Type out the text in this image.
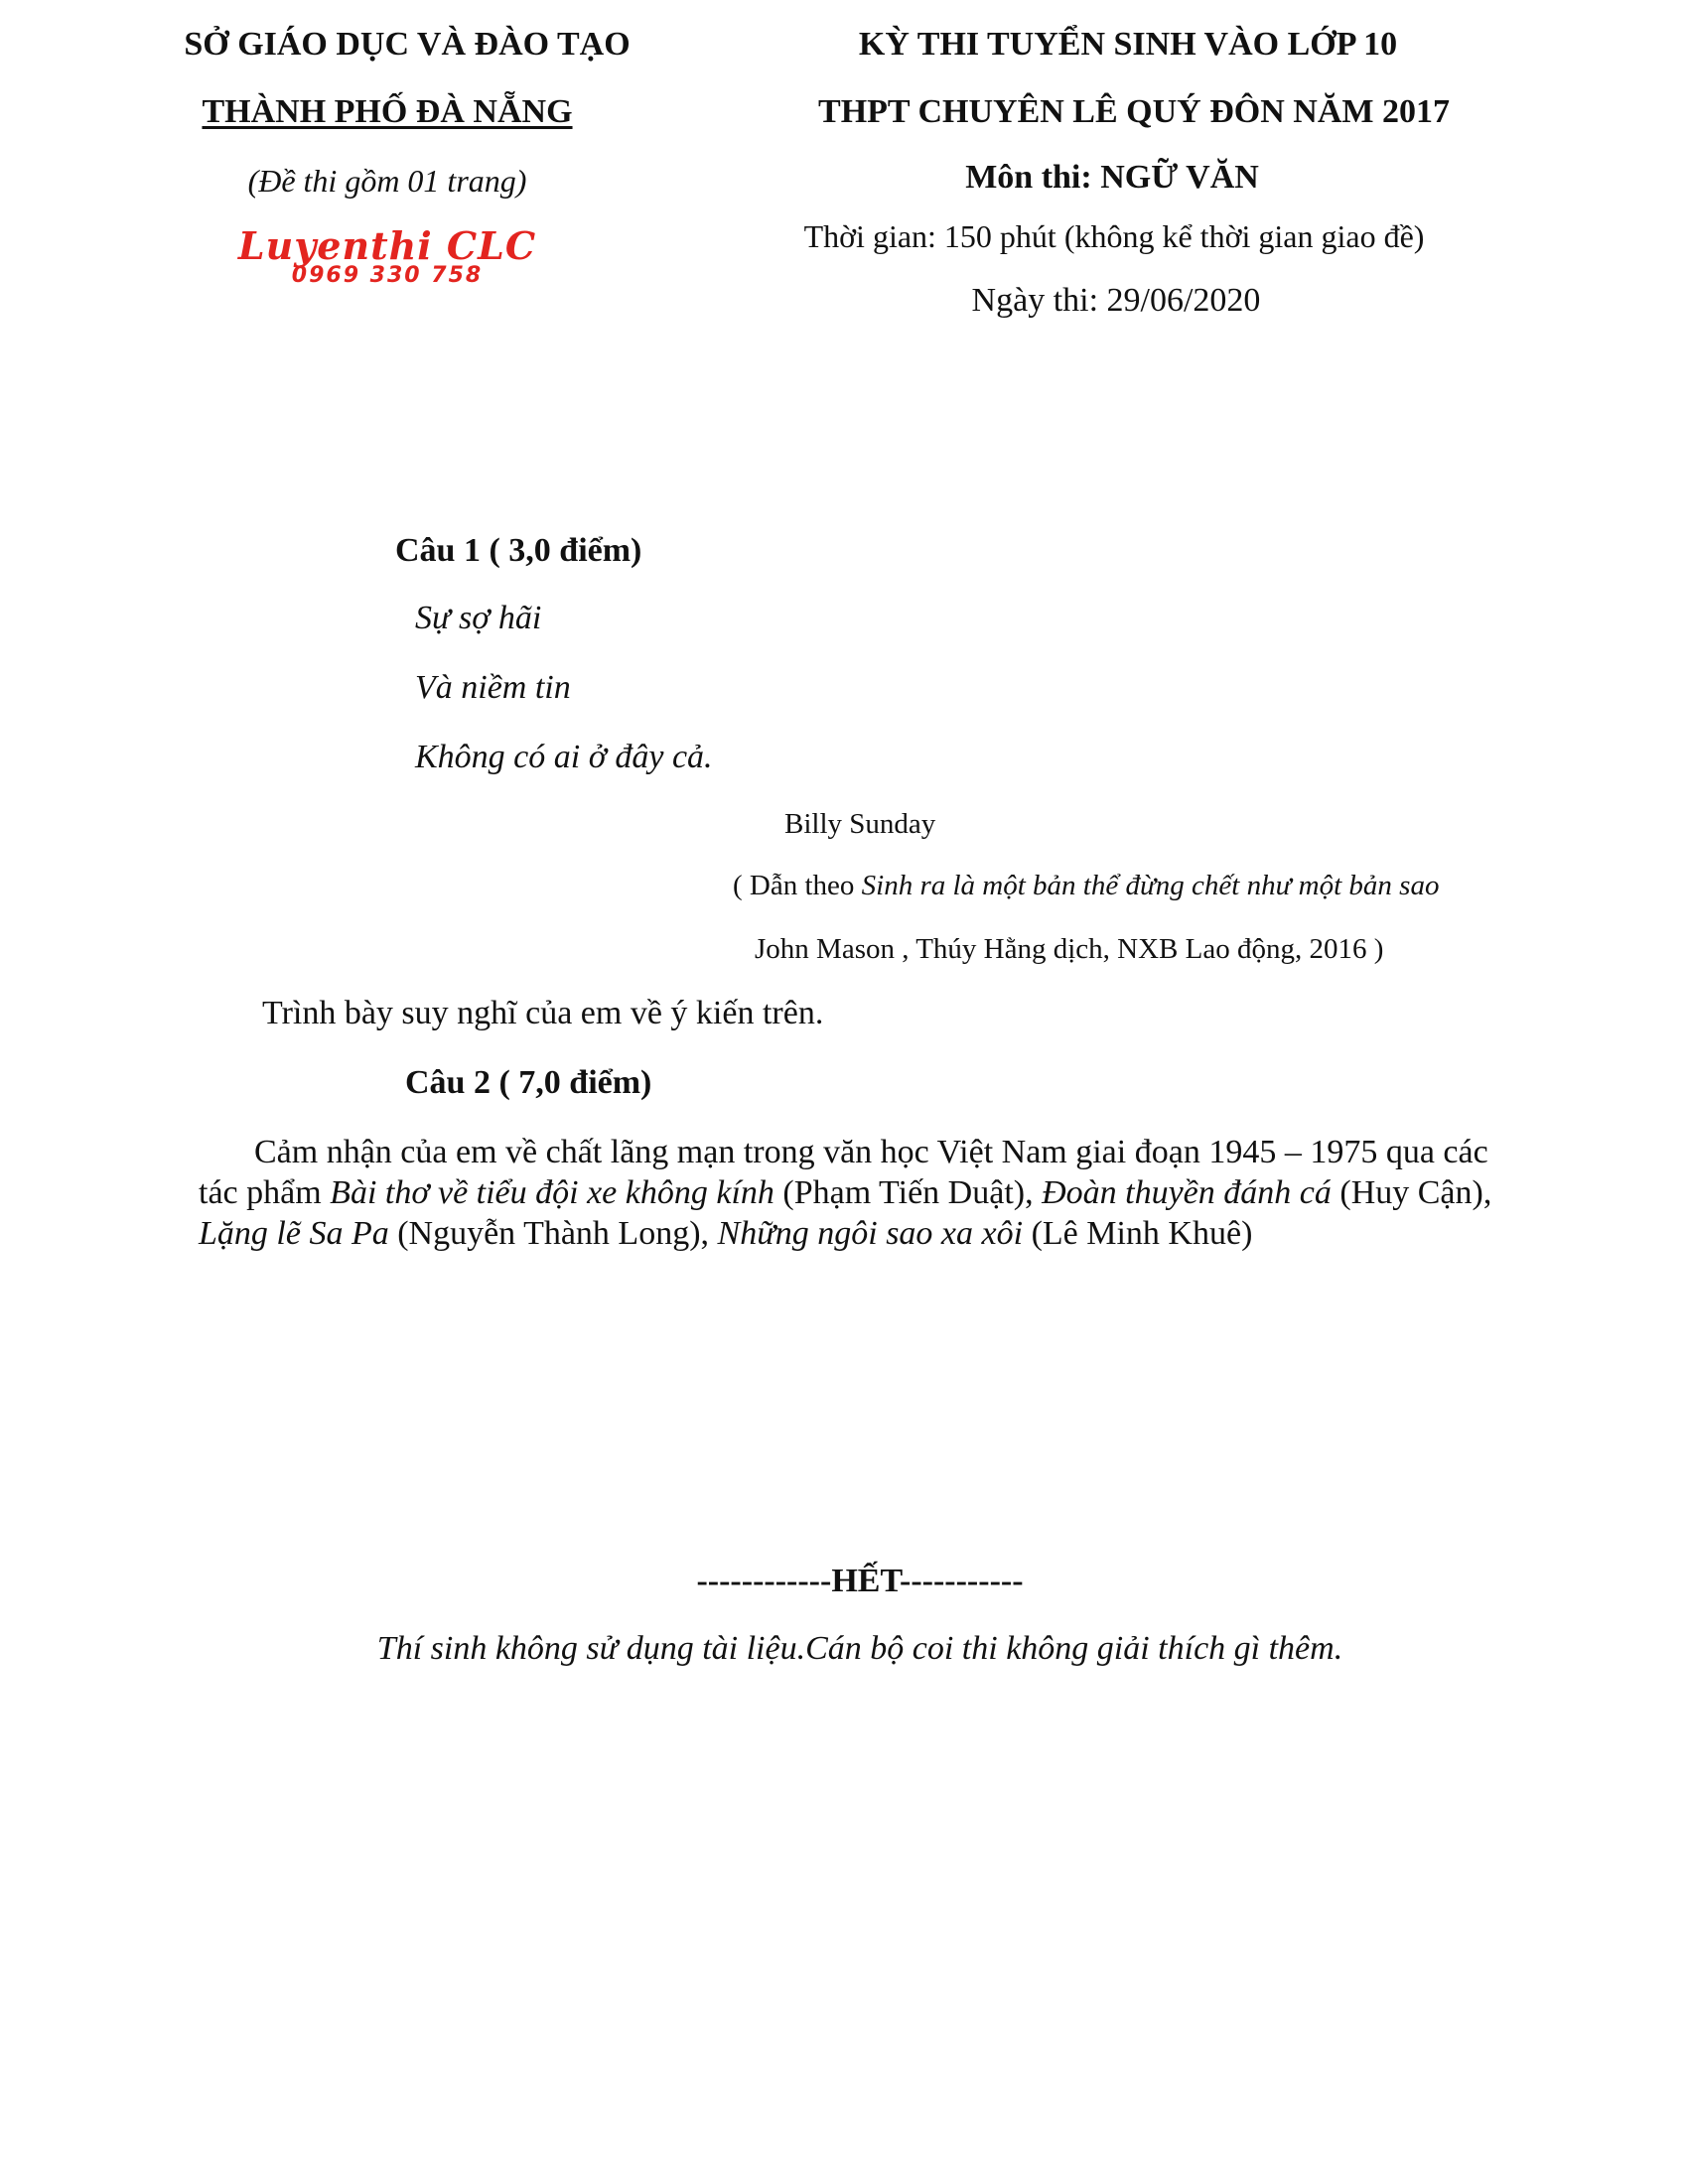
SỞ GIÁO DỤC VÀ ĐÀO TẠO
THÀNH PHỐ ĐÀ NẴNG
(Đề thi gồm 01 trang)
Luyenthi CLC
0969 330 758
KỲ THI TUYỂN SINH VÀO LỚP 10
THPT CHUYÊN LÊ QUÝ ĐÔN NĂM 2017
Môn thi: NGỮ VĂN
Thời gian: 150 phút (không kể thời gian giao đề)
Ngày thi: 29/06/2020
Câu 1 ( 3,0 điểm)
Sự sợ hãi
Và niềm tin
Không có ai ở đây cả.
Billy Sunday
( Dẫn theo Sinh ra là một bản thể đừng chết như một bản sao
John Mason , Thúy Hằng dịch, NXB Lao động, 2016 )
Trình bày suy nghĩ của em về ý kiến trên.
Câu 2 ( 7,0 điểm)
Cảm nhận của em về chất lãng mạn trong văn học Việt Nam giai đoạn 1945 – 1975 qua các tác phẩm Bài thơ về tiểu đội xe không kính (Phạm Tiến Duật), Đoàn thuyền đánh cá (Huy Cận), Lặng lẽ Sa Pa (Nguyễn Thành Long), Những ngôi sao xa xôi (Lê Minh Khuê)
------------HẾT-----------
Thí sinh không sử dụng tài liệu.Cán bộ coi thi không giải thích gì thêm.
